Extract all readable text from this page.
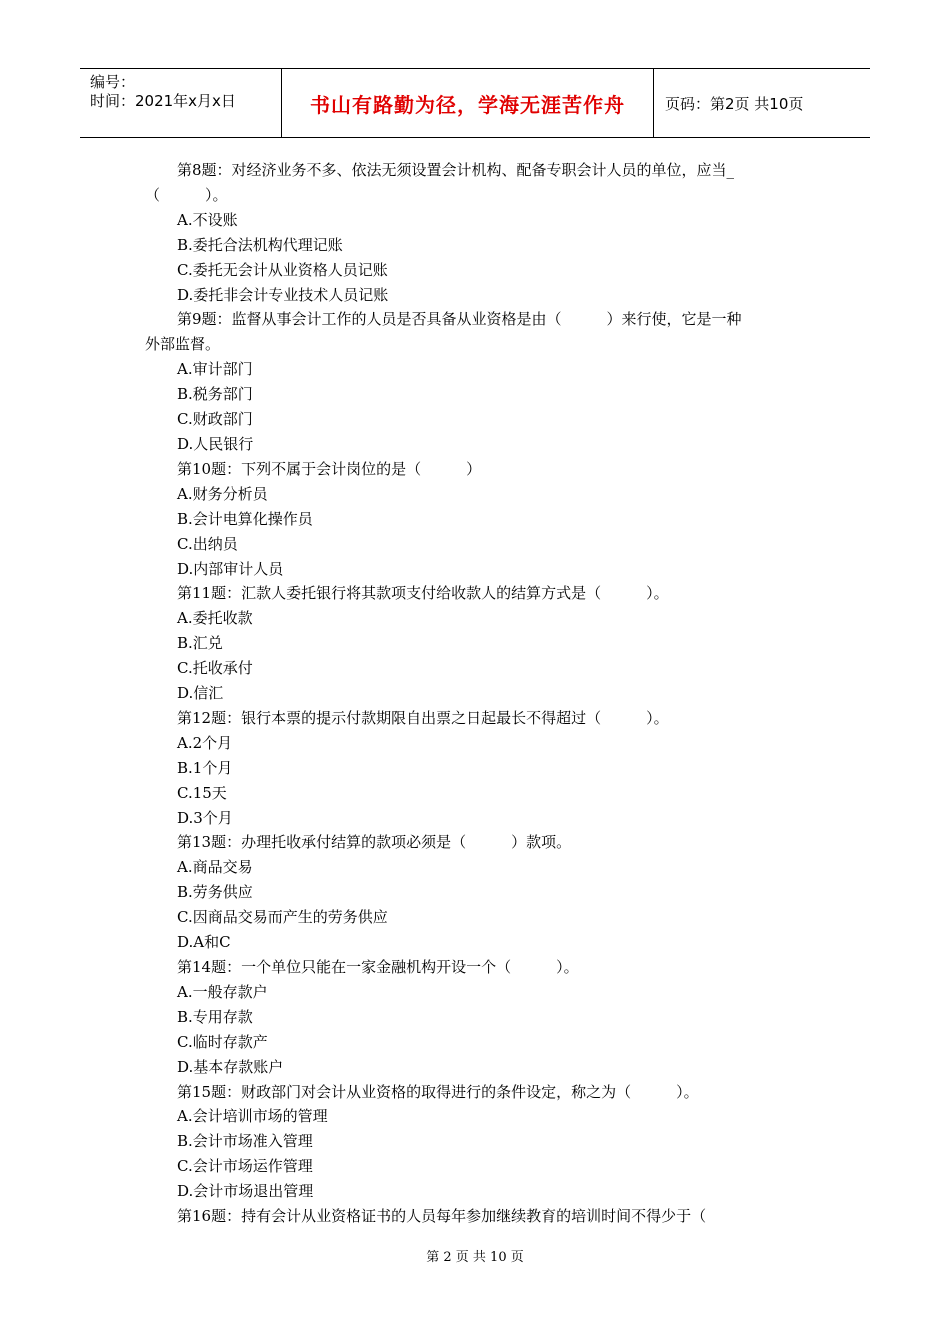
编号：
时间：2021年x月x日	书山有路勤为径，学海无涯苦作舟	页码：第2页 共10页

第8题：对经济业务不多、依法无须设置会计机构、配备专职会计人员的单位，应当_

（　　　）。

A.不设账

B.委托合法机构代理记账

C.委托无会计从业资格人员记账

D.委托非会计专业技术人员记账

第9题：监督从事会计工作的人员是否具备从业资格是由（　　　）来行使，它是一种

外部监督。

A.审计部门

B.税务部门

C.财政部门

D.人民银行

第10题：下列不属于会计岗位的是（　　　）

A.财务分析员

B.会计电算化操作员

C.出纳员

D.内部审计人员

第11题：汇款人委托银行将其款项支付给收款人的结算方式是（　　　）。

A.委托收款

B.汇兑

C.托收承付

D.信汇

第12题：银行本票的提示付款期限自出票之日起最长不得超过（　　　）。

A.2个月

B.1个月

C.15天

D.3个月

第13题：办理托收承付结算的款项必须是（　　　）款项。

A.商品交易

B.劳务供应

C.因商品交易而产生的劳务供应

D.A和C

第14题：一个单位只能在一家金融机构开设一个（　　　）。

A.一般存款户

B.专用存款

C.临时存款产

D.基本存款账户

第15题：财政部门对会计从业资格的取得进行的条件设定，称之为（　　　）。

A.会计培训市场的管理

B.会计市场准入管理

C.会计市场运作管理

D.会计市场退出管理

第16题：持有会计从业资格证书的人员每年参加继续教育的培训时间不得少于（

第 2 页 共 10 页
